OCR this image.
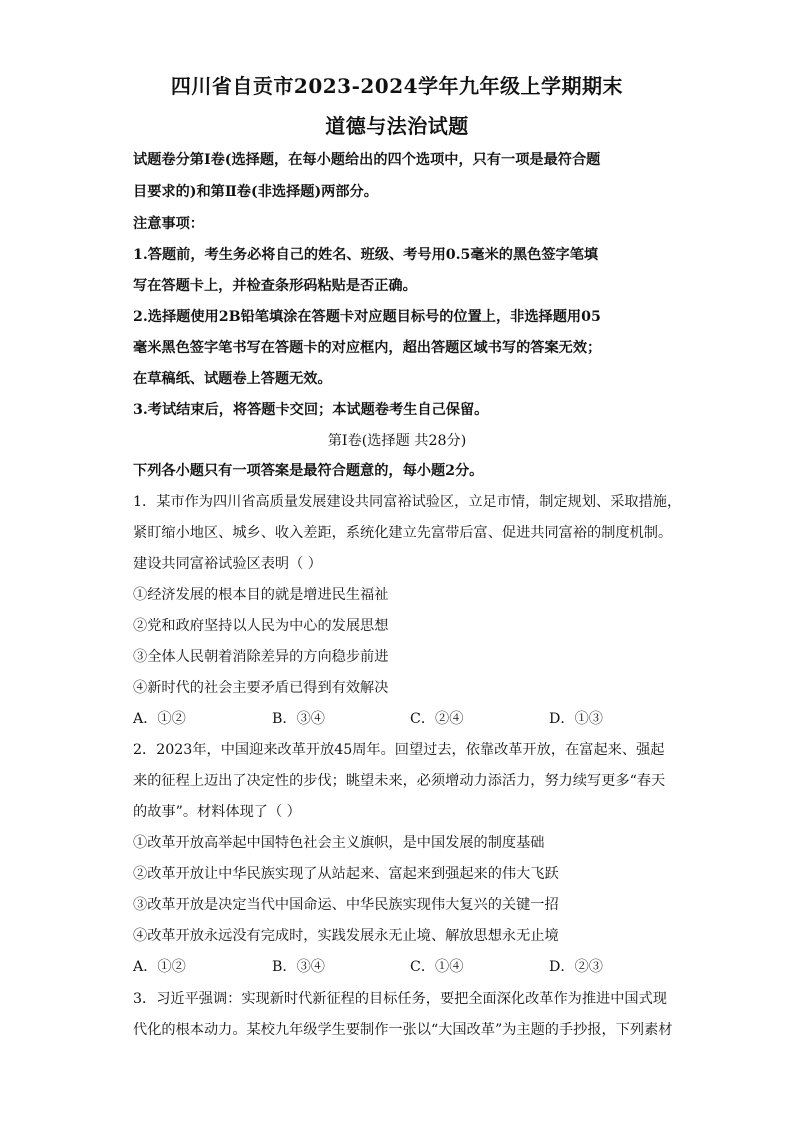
四川省自贡市2023-2024学年九年级上学期期末
道德与法治试题
试题卷分第Ⅰ卷(选择题，在每小题给出的四个选项中，只有一项是最符合题
目要求的)和第Ⅱ卷(非选择题)两部分。
注意事项：
1.答题前，考生务必将自己的姓名、班级、考号用0.5毫米的黑色签字笔填
写在答题卡上，并检查条形码粘贴是否正确。
2.选择题使用2B铅笔填涂在答题卡对应题目标号的位置上，非选择题用05
毫米黑色签字笔书写在答题卡的对应框内，超出答题区域书写的答案无效；
在草稿纸、试题卷上答题无效。
3.考试结束后，将答题卡交回；本试题卷考生自己保留。
第Ⅰ卷(选择题 共28分)
下列各小题只有一项答案是最符合题意的，每小题2分。
1．某市作为四川省高质量发展建设共同富裕试验区，立足市情，制定规划、采取措施，
紧盯缩小地区、城乡、收入差距，系统化建立先富带后富、促进共同富裕的制度机制。
建设共同富裕试验区表明（ ）
①经济发展的根本目的就是增进民生福祉
②党和政府坚持以人民为中心的发展思想
③全体人民朝着消除差异的方向稳步前进
④新时代的社会主要矛盾已得到有效解决
A．①②	B．③④	C．②④	D．①③
2．2023年，中国迎来改革开放45周年。回望过去，依靠改革开放，在富起来、强起
来的征程上迈出了决定性的步伐；眺望未来，必须增动力添活力，努力续写更多“春天
的故事”。材料体现了（ ）
①改革开放高举起中国特色社会主义旗帜，是中国发展的制度基础
②改革开放让中华民族实现了从站起来、富起来到强起来的伟大飞跃
③改革开放是决定当代中国命运、中华民族实现伟大复兴的关键一招
④改革开放永远没有完成时，实践发展永无止境、解放思想永无止境
A．①②	B．③④	C．①④	D．②③
3．习近平强调：实现新时代新征程的目标任务，要把全面深化改革作为推进中国式现
代化的根本动力。某校九年级学生要制作一张以“大国改革”为主题的手抄报，下列素材
